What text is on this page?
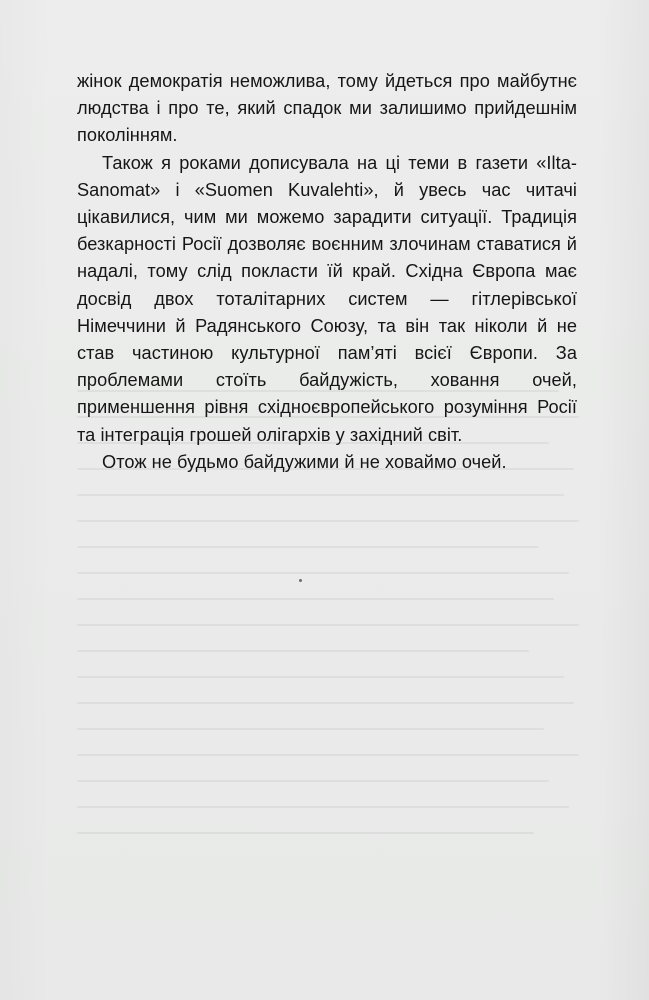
жінок демократія неможлива, тому йдеться про майбутнє людства і про те, який спадок ми залишимо прийдешнім поколінням.

Також я роками дописувала на ці теми в газети «Ilta-Sanomat» і «Suomen Kuvalehti», й увесь час читачі цікавилися, чим ми можемо зарадити ситуації. Традиція безкарності Росії дозволяє воєнним злочинам ставатися й надалі, тому слід покласти їй край. Східна Європа має досвід двох тоталітарних систем — гітлерівської Німеччини й Радянського Союзу, та він так ніколи й не став частиною культурної пам’яті всієї Європи. За проблемами стоїть байдужість, ховання очей, применшення рівня східноєвропейського розуміння Росії та інтеграція грошей олігархів у західний світ.

Отож не будьмо байдужими й не ховаймо очей.
